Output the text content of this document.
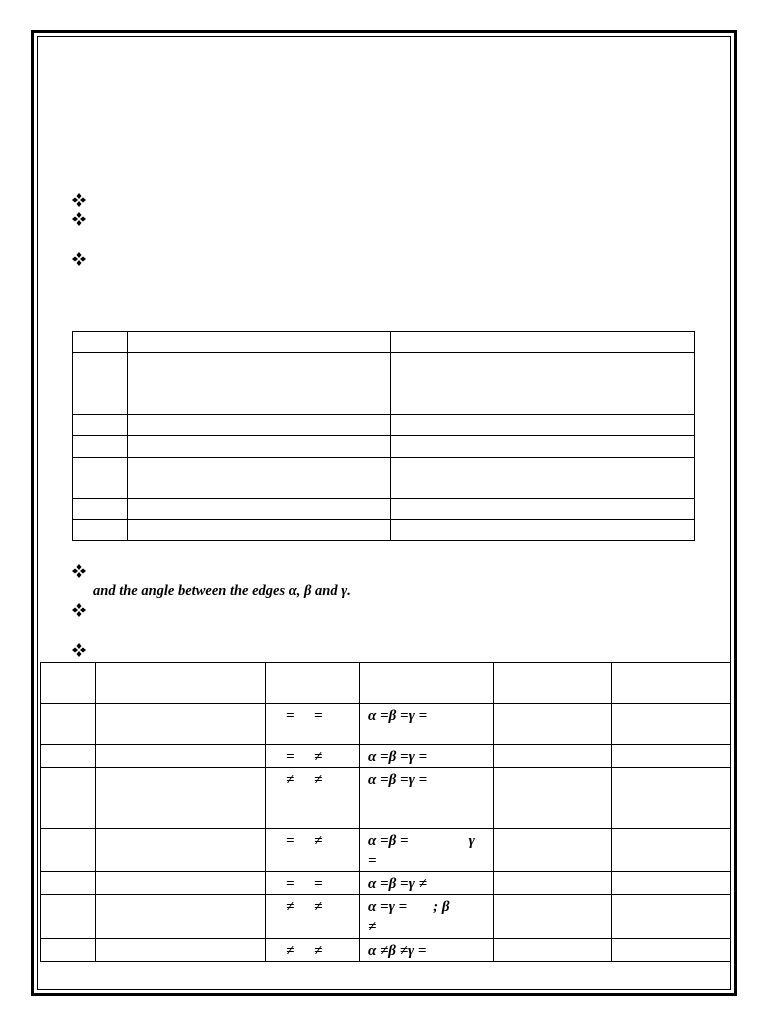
and the angle between the edges α, β and γ.

		= =	α =β =γ =		
		= ≠	α =β =γ =		
		≠ ≠	α =β =γ =		
		= ≠	α =β = γ
=		
		= =	α =β =γ ≠		
		≠ ≠	α =γ = ; β
≠		
		≠ ≠	α ≠β ≠γ =		
